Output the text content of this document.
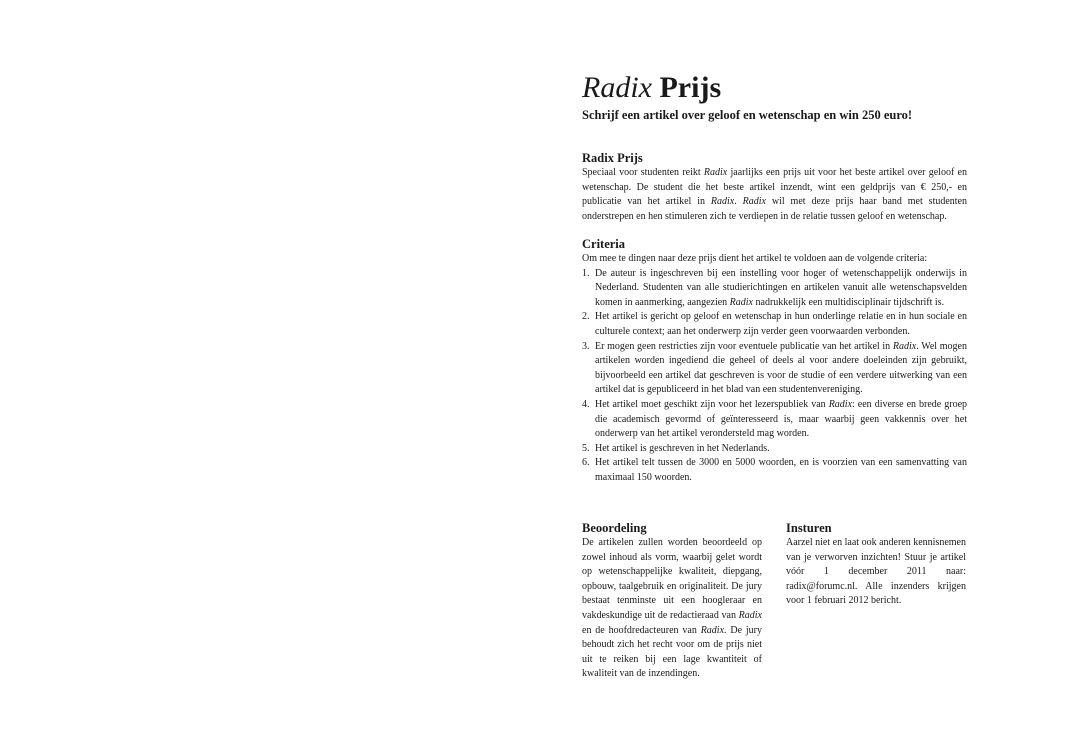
Radix Prijs

Schrijf een artikel over geloof en wetenschap en win 250 euro!

Radix Prijs

Speciaal voor studenten reikt Radix jaarlijks een prijs uit voor het beste artikel over geloof en wetenschap. De student die het beste artikel inzendt, wint een geldprijs van € 250,- en publicatie van het artikel in Radix. Radix wil met deze prijs haar band met studenten onderstrepen en hen stimuleren zich te verdiepen in de relatie tussen geloof en wetenschap.

Criteria

Om mee te dingen naar deze prijs dient het artikel te voldoen aan de volgende criteria:

1. De auteur is ingeschreven bij een instelling voor hoger of wetenschappelijk onderwijs in Nederland. Studenten van alle studierichtingen en artikelen vanuit alle wetenschapsvelden komen in aanmerking, aangezien Radix nadrukkelijk een multidisciplinair tijdschrift is.
2. Het artikel is gericht op geloof en wetenschap in hun onderlinge relatie en in hun sociale en culturele context; aan het onderwerp zijn verder geen voorwaarden verbonden.
3. Er mogen geen restricties zijn voor eventuele publicatie van het artikel in Radix. Wel mogen artikelen worden ingediend die geheel of deels al voor andere doeleinden zijn gebruikt, bijvoorbeeld een artikel dat geschreven is voor de studie of een verdere uitwerking van een artikel dat is gepubliceerd in het blad van een studentenvereniging.
4. Het artikel moet geschikt zijn voor het lezerspubliek van Radix: een diverse en brede groep die academisch gevormd of geïnteresseerd is, maar waarbij geen vakkennis over het onderwerp van het artikel verondersteld mag worden.
5. Het artikel is geschreven in het Nederlands.
6. Het artikel telt tussen de 3000 en 5000 woorden, en is voorzien van een samenvatting van maximaal 150 woorden.
Beoordeling

De artikelen zullen worden beoordeeld op zowel inhoud als vorm, waarbij gelet wordt op wetenschappelijke kwaliteit, diepgang, opbouw, taalgebruik en originaliteit. De jury bestaat tenminste uit een hoogleraar en vakdeskundige uit de redactieraad van Radix en de hoofdredacteuren van Radix. De jury behoudt zich het recht voor om de prijs niet uit te reiken bij een lage kwantiteit of kwaliteit van de inzendingen.

Insturen

Aarzel niet en laat ook anderen kennisnemen van je verworven inzichten! Stuur je artikel vóór 1 december 2011 naar: radix@forumc.nl. Alle inzenders krijgen voor 1 februari 2012 bericht.
